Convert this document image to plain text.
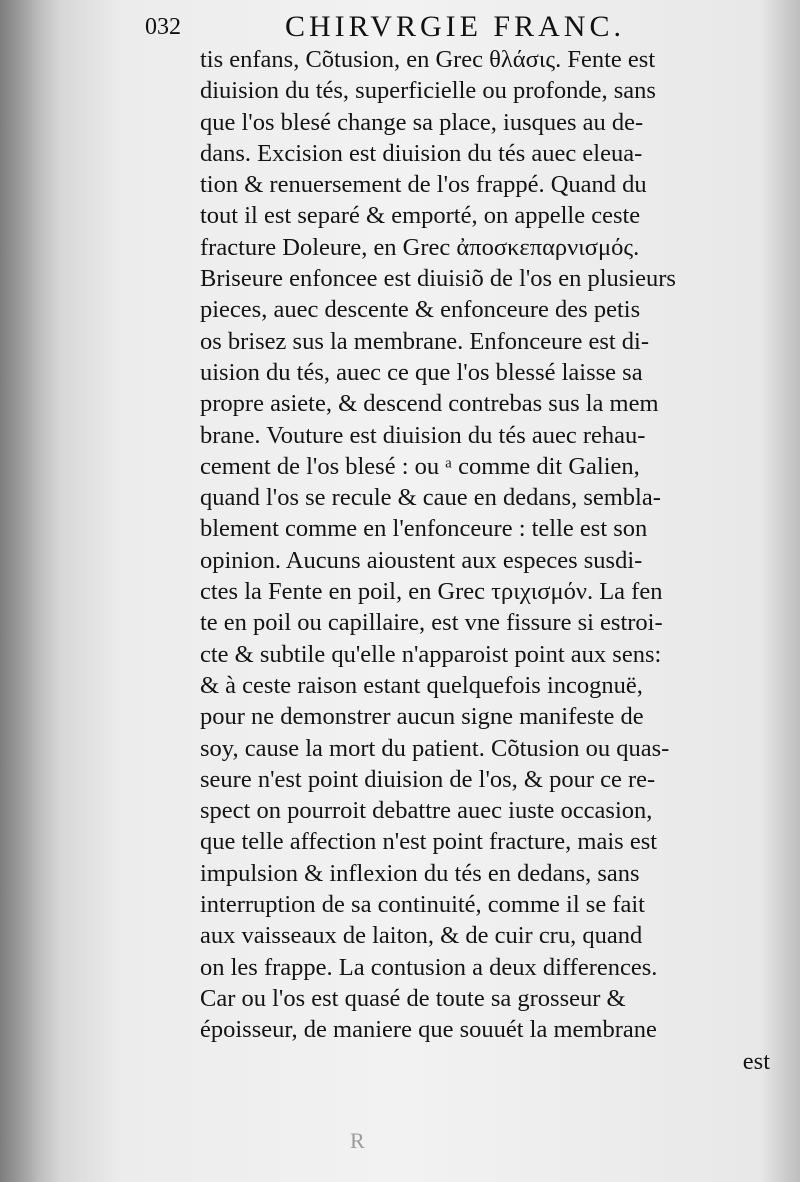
032	CHIRVRGIE FRANC.
tis enfans, Cõtusion, en Grec θλάσις. Fente est
diuision du tés, superficielle ou profonde, sans
que l'os blesé change sa place, iusques au de-
dans. Excision est diuision du tés auec eleua-
tion & renuersement de l'os frappé. Quand du
tout il est separé & emporté, on appelle ceste
fracture Doleure, en Grec ἀποσκεπαρνισμός.
Briseure enfoncee est diuisiõ de l'os en plusieurs
pieces, auec descente & enfonceure des petis
os brisez sus la membrane. Enfonceure est di-
uision du tés, auec ce que l'os blessé laisse sa
propre asiete, & descend contrebas sus la mem
brane. Vouture est diuision du tés auec rehau-
cement de l'os blesé : ou ᵃ comme dit Galien,
quand l'os se recule & caue en dedans, sembla-
blement comme en l'enfonceure : telle est son
opinion. Aucuns aioustent aux especes susdi-
ctes la Fente en poil, en Grec τριχισμόν. La fen
te en poil ou capillaire, est vne fissure si estroi-
cte & subtile qu'elle n'apparoist point aux sens:
& à ceste raison estant quelquefois incognuë,
pour ne demonstrer aucun signe manifeste de
soy, cause la mort du patient. Cõtusion ou quas-
seure n'est point diuision de l'os, & pour ce re-
spect on pourroit debattre auec iuste occasion,
que telle affection n'est point fracture, mais est
impulsion & inflexion du tés en dedans, sans
interruption de sa continuité, comme il se fait
aux vaisseaux de laiton, & de cuir cru, quand
on les frappe. La contusion a deux differences.
Car ou l'os est quasé de toute sa grosseur &
époisseur, de maniere que souuét la membrane
est
R
